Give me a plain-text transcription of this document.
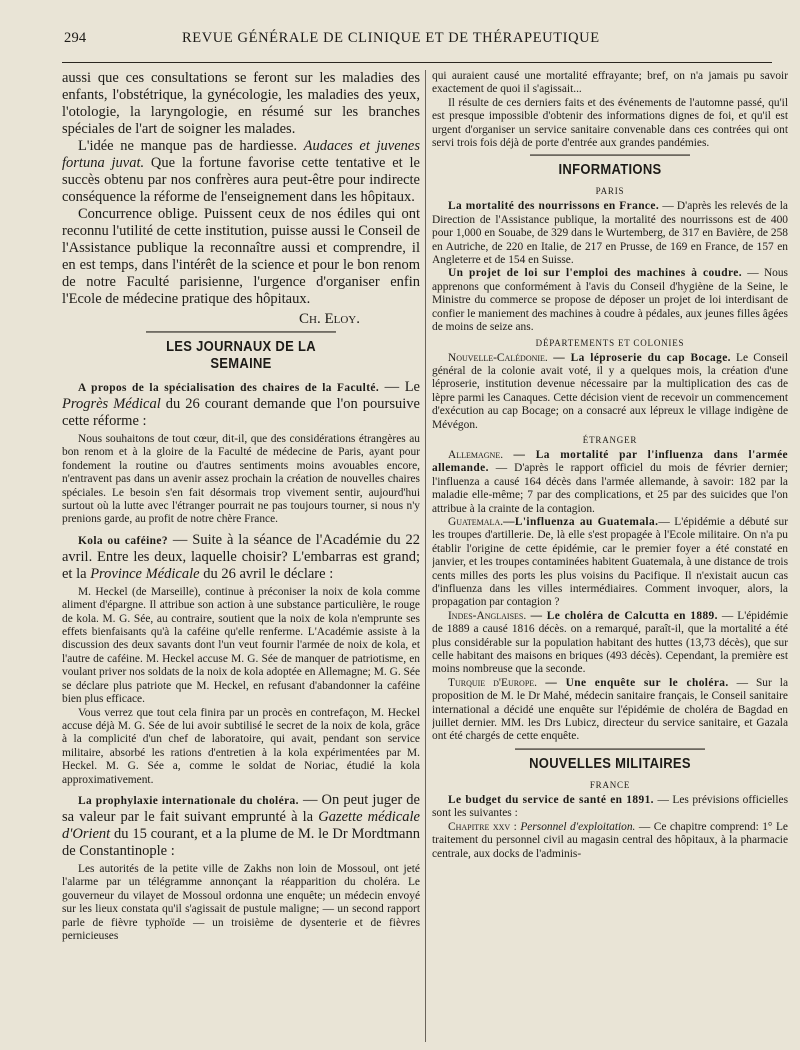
294	REVUE GÉNÉRALE DE CLINIQUE ET DE THÉRAPEUTIQUE

aussi que ces consultations se feront sur les maladies des enfants, l'obstétrique, la gynécologie, les maladies des yeux, l'otologie, la laryngologie, en résumé sur les branches spéciales de l'art de soigner les malades.

L'idée ne manque pas de hardiesse. Audaces et juvenes fortuna juvat. Que la fortune favorise cette tentative et le succès obtenu par nos confrères aura peut-être pour indirecte conséquence la réforme de l'enseignement dans les hôpitaux.

Concurrence oblige. Puissent ceux de nos édiles qui ont reconnu l'utilité de cette institution, puisse aussi le Conseil de l'Assistance publique la reconnaître aussi et comprendre, il en est temps, dans l'intérêt de la science et pour le bon renom de notre Faculté parisienne, l'urgence d'organiser enfin l'Ecole de médecine pratique des hôpitaux.

Ch. Eloy.

LES JOURNAUX DE LA SEMAINE

A propos de la spécialisation des chaires de la Faculté. — Le Progrès Médical du 26 courant demande que l'on poursuive cette réforme :

Nous souhaitons de tout cœur, dit-il, que des considérations étrangères au bon renom et à la gloire de la Faculté de médecine de Paris, ayant pour fondement la routine ou d'autres sentiments moins avouables encore, n'entravent pas dans un avenir assez prochain la création de nouvelles chaires spéciales. Le besoin s'en fait désormais trop vivement sentir, aujourd'hui surtout où la lutte avec l'étranger pourrait ne pas toujours tourner, si nous n'y prenions garde, au profit de notre chère France.

Kola ou caféine? — Suite à la séance de l'Académie du 22 avril. Entre les deux, laquelle choisir? L'embarras est grand; et la Province Médicale du 26 avril le déclare :

M. Heckel (de Marseille), continue à préconiser la noix de kola comme aliment d'épargne. Il attribue son action à une substance particulière, le rouge de kola. M. G. Sée, au contraire, soutient que la noix de kola n'emprunte ses effets bienfaisants qu'à la caféine qu'elle renferme. L'Académie assiste à la discussion des deux savants dont l'un veut fournir l'armée de noix de kola, et l'autre de caféine. M. Heckel accuse M. G. Sée de manquer de patriotisme, en voulant priver nos soldats de la noix de kola adoptée en Allemagne; M. G. Sée se déclare plus patriote que M. Heckel, en refusant d'abandonner la caféine bien plus efficace.

Vous verrez que tout cela finira par un procès en contrefaçon, M. Heckel accuse déjà M. G. Sée de lui avoir subtilisé le secret de la noix de kola, grâce à la complicité d'un chef de laboratoire, qui avait, pendant son service militaire, absorbé les rations d'entretien à la kola expérimentées par M. Heckel. M. G. Sée a, comme le soldat de Noriac, étudié la kola approximativement.

La prophylaxie internationale du choléra. — On peut juger de sa valeur par le fait suivant emprunté à la Gazette médicale d'Orient du 15 courant, et a la plume de M. le Dr Mordtmann de Constantinople :

Les autorités de la petite ville de Zakhs non loin de Mossoul, ont jeté l'alarme par un télégramme annonçant la réapparition du choléra. Le gouverneur du vilayet de Mossoul ordonna une enquête; un médecin envoyé sur les lieux constata qu'il s'agissait de pustule maligne; — un second rapport parle de fièvre typhoïde — un troisième de dysenterie et de fièvres pernicieuses

qui auraient causé une mortalité effrayante; bref, on n'a jamais pu savoir exactement de quoi il s'agissait...

Il résulte de ces derniers faits et des événements de l'automne passé, qu'il est presque impossible d'obtenir des informations dignes de foi, et qu'il est urgent d'organiser un service sanitaire convenable dans ces contrées qui ont servi trois fois déjà de porte d'entrée aux grandes pandémies.

INFORMATIONS
PARIS

La mortalité des nourrissons en France. — D'après les relevés de la Direction de l'Assistance publique, la mortalité des nourrissons est de 400 pour 1,000 en Souabe, de 329 dans le Wurtemberg, de 317 en Bavière, de 258 en Autriche, de 220 en Italie, de 217 en Prusse, de 169 en France, de 157 en Angleterre et de 154 en Suisse.

Un projet de loi sur l'emploi des machines à coudre. — Nous apprenons que conformément à l'avis du Conseil d'hygiène de la Seine, le Ministre du commerce se propose de déposer un projet de loi interdisant de confier le maniement des machines à coudre à pédales, aux jeunes filles âgées de moins de seize ans.

DÉPARTEMENTS ET COLONIES

Nouvelle-Calédonie. — La léproserie du cap Bocage. Le Conseil général de la colonie avait voté, il y a quelques mois, la création d'une léproserie, institution devenue nécessaire par la multiplication des cas de lèpre parmi les Canaques. Cette décision vient de recevoir un commencement d'exécution au cap Bocage; on a consacré aux lépreux le village indigène de Mévégon.

ÉTRANGER

Allemagne. — La mortalité par l'influenza dans l'armée allemande. — D'après le rapport officiel du mois de février dernier; l'influenza a causé 164 décès dans l'armée allemande, à savoir: 182 par la maladie elle-même; 7 par des complications, et 25 par des suicides que l'on attribue à la crainte de la contagion.

Guatemala.—L'influenza au Guatemala.— L'épidémie a débuté sur les troupes d'artillerie. De, là elle s'est propagée à l'Ecole militaire. On n'a pu établir l'origine de cette épidémie, car le premier foyer a été constaté en janvier, et les troupes contaminées habitent Guatemala, à une distance de trois cents milles des ports les plus voisins du Pacifique. Il n'existait aucun cas d'influenza dans les villes intermédiaires. Comment invoquer, alors, la propagation par contagion ?

Indes-Anglaises. — Le choléra de Calcutta en 1889. — L'épidémie de 1889 a causé 1816 décès. on a remarqué, paraît-il, que la mortalité a été plus considérable sur la population habitant des huttes (13,73 décès), que sur celle habitant des maisons en briques (493 décès). Cependant, la première est moins nombreuse que la seconde.

Turquie d'Europe. — Une enquête sur le choléra. — Sur la proposition de M. le Dr Mahé, médecin sanitaire français, le Conseil sanitaire international a décidé une enquête sur l'épidémie de choléra de Bagdad en juillet dernier. MM. les Drs Lubicz, directeur du service sanitaire, et Gazala ont été chargés de cette enquête.

NOUVELLES MILITAIRES
FRANCE

Le budget du service de santé en 1891. — Les prévisions officielles sont les suivantes :

Chapitre xxv : Personnel d'exploitation. — Ce chapitre comprend: 1° Le traitement du personnel civil au magasin central des hôpitaux, à la pharmacie centrale, aux docks de l'adminis-
